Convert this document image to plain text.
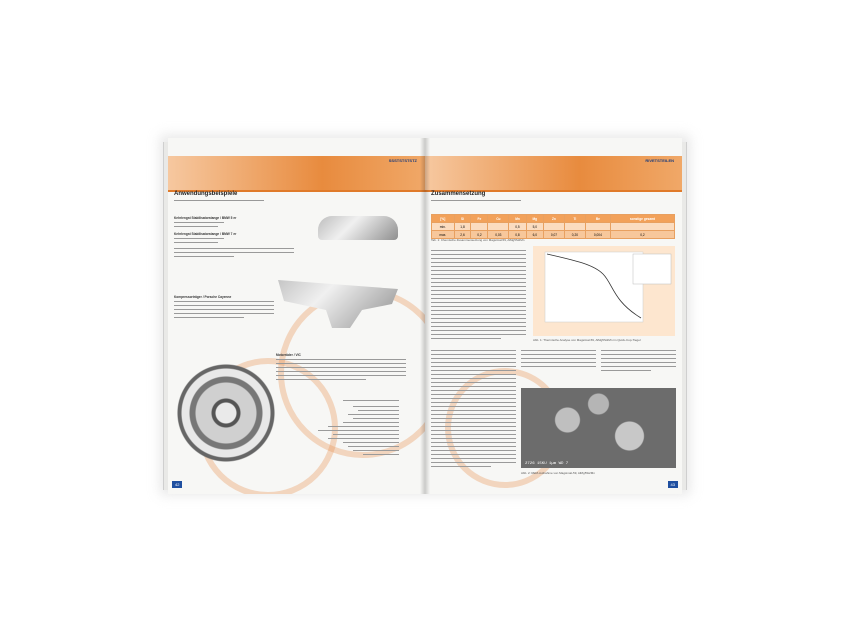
SSSTSTSTSTZ
Anwendungsbeispiele
Kehrlengst Stabilisatorstange / BMW 5 er
Kehrlengst Stabilisatorstange / BMW 7 er
Kompressorträger / Porsche Cayenne
Motorräder / VIC
42
RIVETSTEILEN
Zusammensetzung
[%]	Si	Fe	Cu	Mn	Mg	Zn	Ti	Be	sonstige gesamt
min.	1,8			0,5	5,0				
max.	2,6	0,2	0,03	0,8	6,0	0,07	0,20	0,004	0,2
Tab. 1: Chemische Zusammensetzung von Magsimal-59, AlMg5Si2Mn
Abb. 1: Thermische Analyse von Magsimal-59, AlMg5Si2Mn im Quick-Cup-Tiegel
2726 15KU 1µm WD 7
Abb. 2: REM-Aufnahme von Magsimal-59, AlMg5Si2Mn
43
